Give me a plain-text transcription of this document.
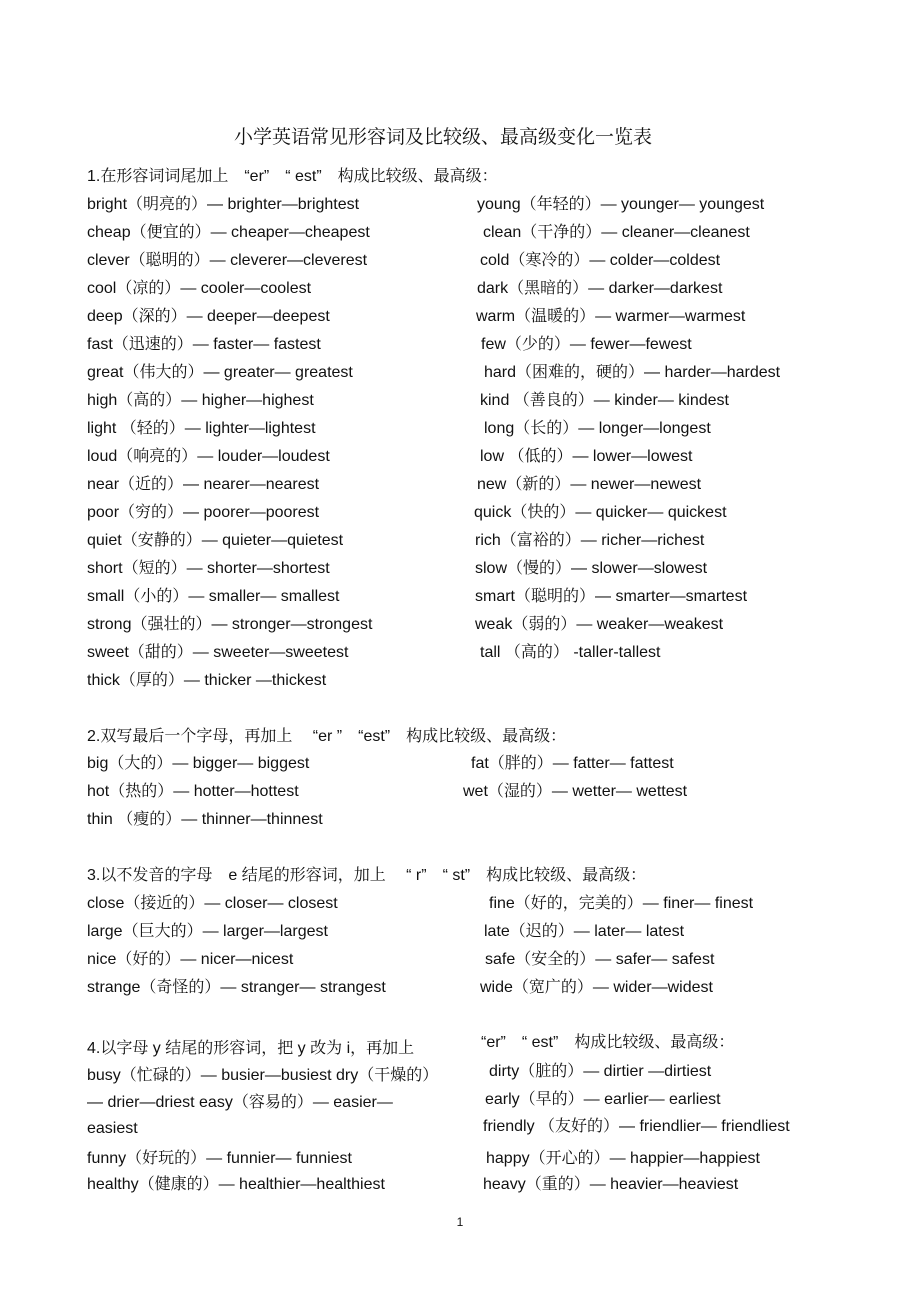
小学英语常见形容词及比较级、最高级变化一览表
1.在形容词词尾加上　“er”　“ est”　构成比较级、最高级：
bright（明亮的）— brighter—brightest
cheap（便宜的）— cheaper—cheapest
clever（聪明的）— cleverer—cleverest
cool（凉的）— cooler—coolest
deep（深的）— deeper—deepest
fast（迅速的）— faster— fastest
great（伟大的）— greater— greatest
high（高的）— higher—highest
light （轻的）— lighter—lightest
loud（响亮的）— louder—loudest
near（近的）— nearer—nearest
poor（穷的）— poorer—poorest
quiet（安静的）— quieter—quietest
short（短的）— shorter—shortest
small（小的）— smaller— smallest
strong（强壮的）— stronger—strongest
sweet（甜的）— sweeter—sweetest
thick（厚的）— thicker —thickest
young（年轻的）— younger— youngest
clean（干净的）— cleaner—cleanest
cold（寒冷的）— colder—coldest
dark（黑暗的）— darker—darkest
warm（温暖的）— warmer—warmest
few（少的）— fewer—fewest
hard（困难的，硬的）— harder—hardest
kind （善良的）— kinder— kindest
long（长的）— longer—longest
low （低的）— lower—lowest
new（新的）— newer—newest
quick（快的）— quicker— quickest
rich（富裕的）— richer—richest
slow（慢的）— slower—slowest
smart（聪明的）— smarter—smartest
weak（弱的）— weaker—weakest
tall （高的） -taller-tallest
2.双写最后一个字母，再加上　 “er ”　“est”　构成比较级、最高级：
big（大的）— bigger— biggest
hot（热的）— hotter—hottest
thin （瘦的）— thinner—thinnest
fat（胖的）— fatter— fattest
wet（湿的）— wetter— wettest
3.以不发音的字母　e 结尾的形容词，加上　 “ r”　“ st”　构成比较级、最高级：
close（接近的）— closer— closest
large（巨大的）— larger—largest
nice（好的）— nicer—nicest
strange（奇怪的）— stranger— strangest
fine（好的，完美的）— finer— finest
late（迟的）— later— latest
safe（安全的）— safer— safest
wide（宽广的）— wider—widest
4.以字母 y 结尾的形容词，把 y 改为 i，再加上	“er”　“ est”　构成比较级、最高级：
busy（忙碌的）— busier—busiest dry（干燥的）
— drier—driest easy（容易的）— easier—
easiest
funny（好玩的）— funnier— funniest
healthy（健康的）— healthier—healthiest
dirty（脏的）— dirtier —dirtiest
early（早的）— earlier— earliest
friendly （友好的）— friendlier— friendliest
happy（开心的）— happier—happiest
heavy（重的）— heavier—heaviest
1
